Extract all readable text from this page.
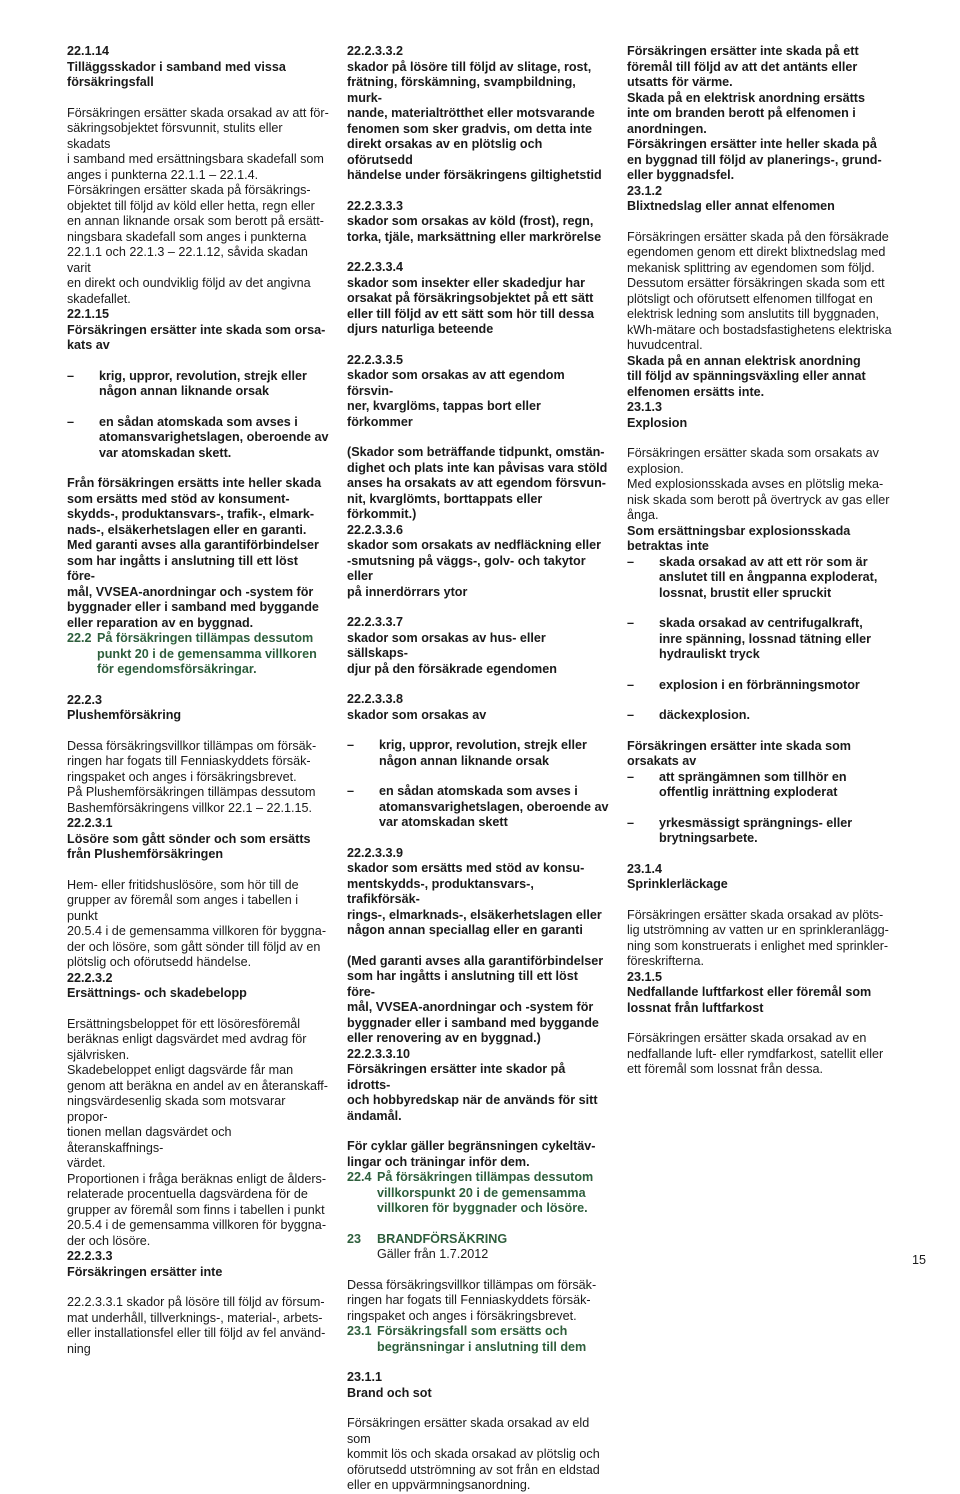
22.1.14
Tilläggsskador i samband med vissa
försäkringsfall
Försäkringen ersätter skada orsakad av att för-
säkringsobjektet försvunnit, stulits eller skadats
i samband med ersättningsbara skadefall som
anges i punkterna 22.1.1 – 22.1.4.
Försäkringen ersätter skada på försäkrings-
objektet till följd av köld eller hetta, regn eller
en annan liknande orsak som berott på ersätt-
ningsbara skadefall som anges i punkterna
22.1.1 och 22.1.3 – 22.1.12, såvida skadan varit
en direkt och oundviklig följd av det angivna
skadefallet.
22.1.15
Försäkringen ersätter inte skada som orsa-
kats av
–	krig, uppror, revolution, strejk eller
någon annan liknande orsak
–	en sådan atomskada som avses i
atomansvarighetslagen, oberoende av
var atomskadan skett.
Från försäkringen ersätts inte heller skada
som ersätts med stöd av konsument-
skydds-, produktansvars-, trafik-, elmark-
nads-, elsäkerhetslagen eller en garanti.
Med garanti avses alla garantiförbindelser
som har ingåtts i anslutning till ett löst före-
mål, VVSEA-anordningar och -system för
byggnader eller i samband med byggande
eller reparation av en byggnad.
22.2 På försäkringen tillämpas dessutom
punkt 20 i de gemensamma villkoren
för egendomsförsäkringar.
22.2.3
Plushemförsäkring
Dessa försäkringsvillkor tillämpas om försäk-
ringen har fogats till Fenniaskyddets försäk-
ringspaket och anges i försäkringsbrevet.
På Plushemförsäkringen tillämpas dessutom
Bashemförsäkringens villkor 22.1 – 22.1.15.
22.2.3.1
Lösöre som gått sönder och som ersätts
från Plushemförsäkringen
Hem- eller fritidshuslösöre, som hör till de
grupper av föremål som anges i tabellen i punkt
20.5.4 i de gemensamma villkoren för byggna-
der och lösöre, som gått sönder till följd av en
plötslig och oförutsedd händelse.
22.2.3.2
Ersättnings- och skadebelopp
Ersättningsbeloppet för ett lösöresföremål
beräknas enligt dagsvärdet med avdrag för
självrisken.
Skadebeloppet enligt dagsvärde får man
genom att beräkna en andel av en återanskaff-
ningsvärdesenlig skada som motsvarar propor-
tionen mellan dagsvärdet och återanskaffnings-
värdet.
Proportionen i fråga beräknas enligt de ålders-
relaterade procentuella dagsvärdena för de
grupper av föremål som finns i tabellen i punkt
20.5.4 i de gemensamma villkoren för byggna-
der och lösöre.
22.2.3.3
Försäkringen ersätter inte
22.2.3.3.1 skador på lösöre till följd av försum-
mat underhåll, tillverknings-, material-, arbets-
eller installationsfel eller till följd av fel använd-
ning
22.2.3.3.2
skador på lösöre till följd av slitage, rost,
frätning, förskämning, svampbildning, murk-
nande, materialtrötthet eller motsvarande
fenomen som sker gradvis, om detta inte
direkt orsakas av en plötslig och oförutsedd
händelse under försäkringens giltighetstid
22.2.3.3.3
skador som orsakas av köld (frost), regn,
torka, tjäle, marksättning eller markrörelse
22.2.3.3.4
skador som insekter eller skadedjur har
orsakat på försäkringsobjektet på ett sätt
eller till följd av ett sätt som hör till dessa
djurs naturliga beteende
22.2.3.3.5
skador som orsakas av att egendom försvin-
ner, kvarglöms, tappas bort eller förkommer
(Skador som beträffande tidpunkt, omstän-
dighet och plats inte kan påvisas vara stöld
anses ha orsakats av att egendom försvun-
nit, kvarglömts, borttappats eller förkommit.)
22.2.3.3.6
skador som orsakats av nedfläckning eller
-smutsning på väggs-, golv- och takytor eller
på innerdörrars ytor
22.2.3.3.7
skador som orsakas av hus- eller sällskaps-
djur på den försäkrade egendomen
22.2.3.3.8
skador som orsakas av
–	krig, uppror, revolution, strejk eller
någon annan liknande orsak
–	en sådan atomskada som avses i
atomansvarighetslagen, oberoende av
var atomskadan skett
22.2.3.3.9
skador som ersätts med stöd av konsu-
mentskydds-, produktansvars-, trafikförsäk-
rings-, elmarknads-, elsäkerhetslagen eller
någon annan speciallag eller en garanti
(Med garanti avses alla garantiförbindelser
som har ingåtts i anslutning till ett löst före-
mål, VVSEA-anordningar och -system för
byggnader eller i samband med byggande
eller renovering av en byggnad.)
22.2.3.3.10
Försäkringen ersätter inte skador på idrotts-
och hobbyredskap när de används för sitt
ändamål.
För cyklar gäller begränsningen cykeltäv-
lingar och träningar inför dem.
22.4 På försäkringen tillämpas dessutom
villkorspunkt 20 i de gemensamma
villkoren för byggnader och lösöre.
23	BRANDFÖRSÄKRING
Gäller från 1.7.2012
Dessa försäkringsvillkor tillämpas om försäk-
ringen har fogats till Fenniaskyddets försäk-
ringspaket och anges i försäkringsbrevet.
23.1 Försäkringsfall som ersätts och
begränsningar i anslutning till dem
23.1.1
Brand och sot
Försäkringen ersätter skada orsakad av eld som
kommit lös och skada orsakad av plötslig och
oförutsedd utströmning av sot från en eldstad
eller en uppvärmningsanordning.
Försäkringen ersätter inte skada på ett
föremål till följd av att det antänts eller
utsatts för värme.
Skada på en elektrisk anordning ersätts
inte om branden berott på elfenomen i
anordningen.
Försäkringen ersätter inte heller skada på
en byggnad till följd av planerings-, grund-
eller byggnadsfel.
23.1.2
Blixtnedslag eller annat elfenomen
Försäkringen ersätter skada på den försäkrade
egendomen genom ett direkt blixtnedslag med
mekanisk splittring av egendomen som följd.
Dessutom ersätter försäkringen skada som ett
plötsligt och oförutsett elfenomen tillfogat en
elektrisk ledning som anslutits till byggnaden,
kWh-mätare och bostadsfastighetens elektriska
huvudcentral.
Skada på en annan elektrisk anordning
till följd av spänningsväxling eller annat
elfenomen ersätts inte.
23.1.3
Explosion
Försäkringen ersätter skada som orsakats av
explosion.
Med explosionsskada avses en plötslig meka-
nisk skada som berott på övertryck av gas eller
ånga.
Som ersättningsbar explosionsskada
betraktas inte
–	skada orsakad av att ett rör som är
anslutet till en ångpanna exploderat,
lossnat, brustit eller spruckit
–	skada orsakad av centrifugalkraft,
inre spänning, lossnad tätning eller
hydrauliskt tryck
–	explosion i en förbränningsmotor
–	däckexplosion.
Försäkringen ersätter inte skada som
orsakats av
–	att sprängämnen som tillhör en
offentlig inrättning exploderat
–	yrkesmässigt sprängnings- eller
brytningsarbete.
23.1.4
Sprinklerläckage
Försäkringen ersätter skada orsakad av plöts-
lig utströmning av vatten ur en sprinkleranlägg-
ning som konstruerats i enlighet med sprinkler-
föreskrifterna.
23.1.5
Nedfallande luftfarkost eller föremål som
lossnat från luftfarkost
Försäkringen ersätter skada orsakad av en
nedfallande luft- eller rymdfarkost, satellit eller
ett föremål som lossnat från dessa.
15
